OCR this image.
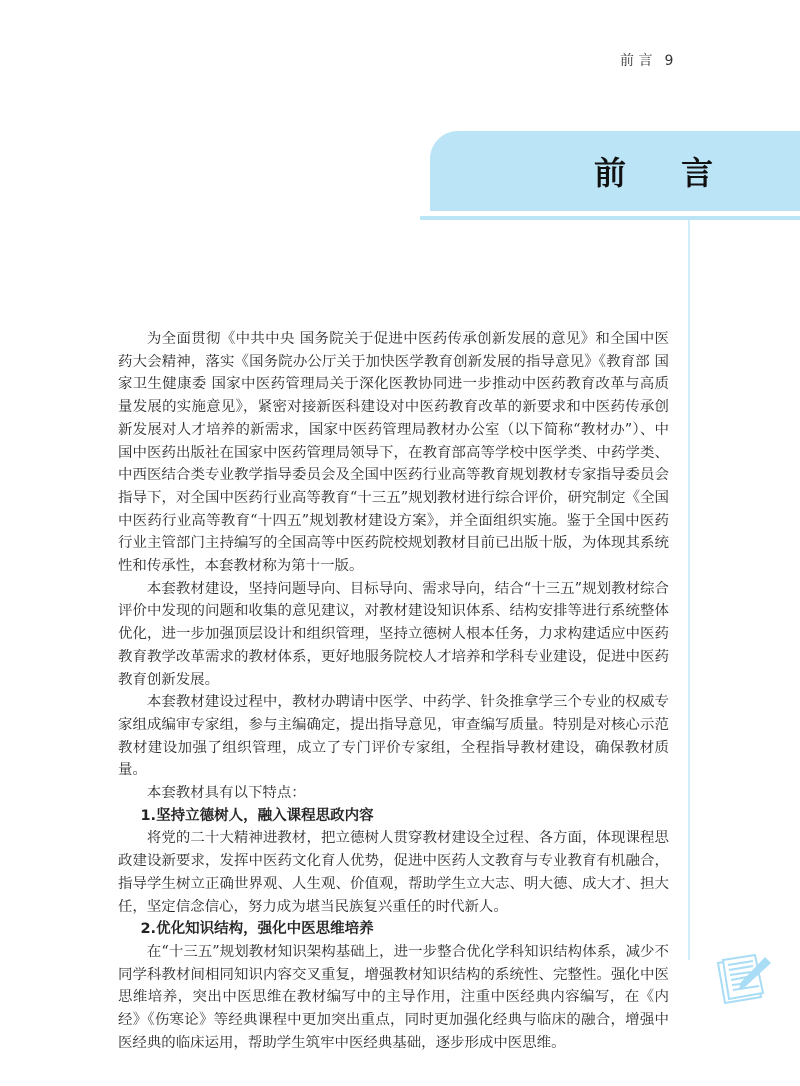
前 言 9
前 言

为全面贯彻《中共中央 国务院关于促进中医药传承创新发展的意见》和全国中医药大会精神，落实《国务院办公厅关于加快医学教育创新发展的指导意见》《教育部 国家卫生健康委 国家中医药管理局关于深化医教协同进一步推动中医药教育改革与高质量发展的实施意见》，紧密对接新医科建设对中医药教育改革的新要求和中医药传承创新发展对人才培养的新需求，国家中医药管理局教材办公室（以下简称“教材办”）、中国中医药出版社在国家中医药管理局领导下，在教育部高等学校中医学类、中药学类、中西医结合类专业教学指导委员会及全国中医药行业高等教育规划教材专家指导委员会指导下，对全国中医药行业高等教育“十三五”规划教材进行综合评价，研究制定《全国中医药行业高等教育“十四五”规划教材建设方案》，并全面组织实施。鉴于全国中医药行业主管部门主持编写的全国高等中医药院校规划教材目前已出版十版，为体现其系统性和传承性，本套教材称为第十一版。

本套教材建设，坚持问题导向、目标导向、需求导向，结合“十三五”规划教材综合评价中发现的问题和收集的意见建议，对教材建设知识体系、结构安排等进行系统整体优化，进一步加强顶层设计和组织管理，坚持立德树人根本任务，力求构建适应中医药教育教学改革需求的教材体系，更好地服务院校人才培养和学科专业建设，促进中医药教育创新发展。

本套教材建设过程中，教材办聘请中医学、中药学、针灸推拿学三个专业的权威专家组成编审专家组，参与主编确定，提出指导意见，审查编写质量。特别是对核心示范教材建设加强了组织管理，成立了专门评价专家组，全程指导教材建设，确保教材质量。

本套教材具有以下特点：

1.坚持立德树人，融入课程思政内容

将党的二十大精神进教材，把立德树人贯穿教材建设全过程、各方面，体现课程思政建设新要求，发挥中医药文化育人优势，促进中医药人文教育与专业教育有机融合，指导学生树立正确世界观、人生观、价值观，帮助学生立大志、明大德、成大才、担大任，坚定信念信心，努力成为堪当民族复兴重任的时代新人。

2.优化知识结构，强化中医思维培养

在“十三五”规划教材知识架构基础上，进一步整合优化学科知识结构体系，减少不同学科教材间相同知识内容交叉重复，增强教材知识结构的系统性、完整性。强化中医思维培养，突出中医思维在教材编写中的主导作用，注重中医经典内容编写，在《内经》《伤寒论》等经典课程中更加突出重点，同时更加强化经典与临床的融合，增强中医经典的临床运用，帮助学生筑牢中医经典基础，逐步形成中医思维。
